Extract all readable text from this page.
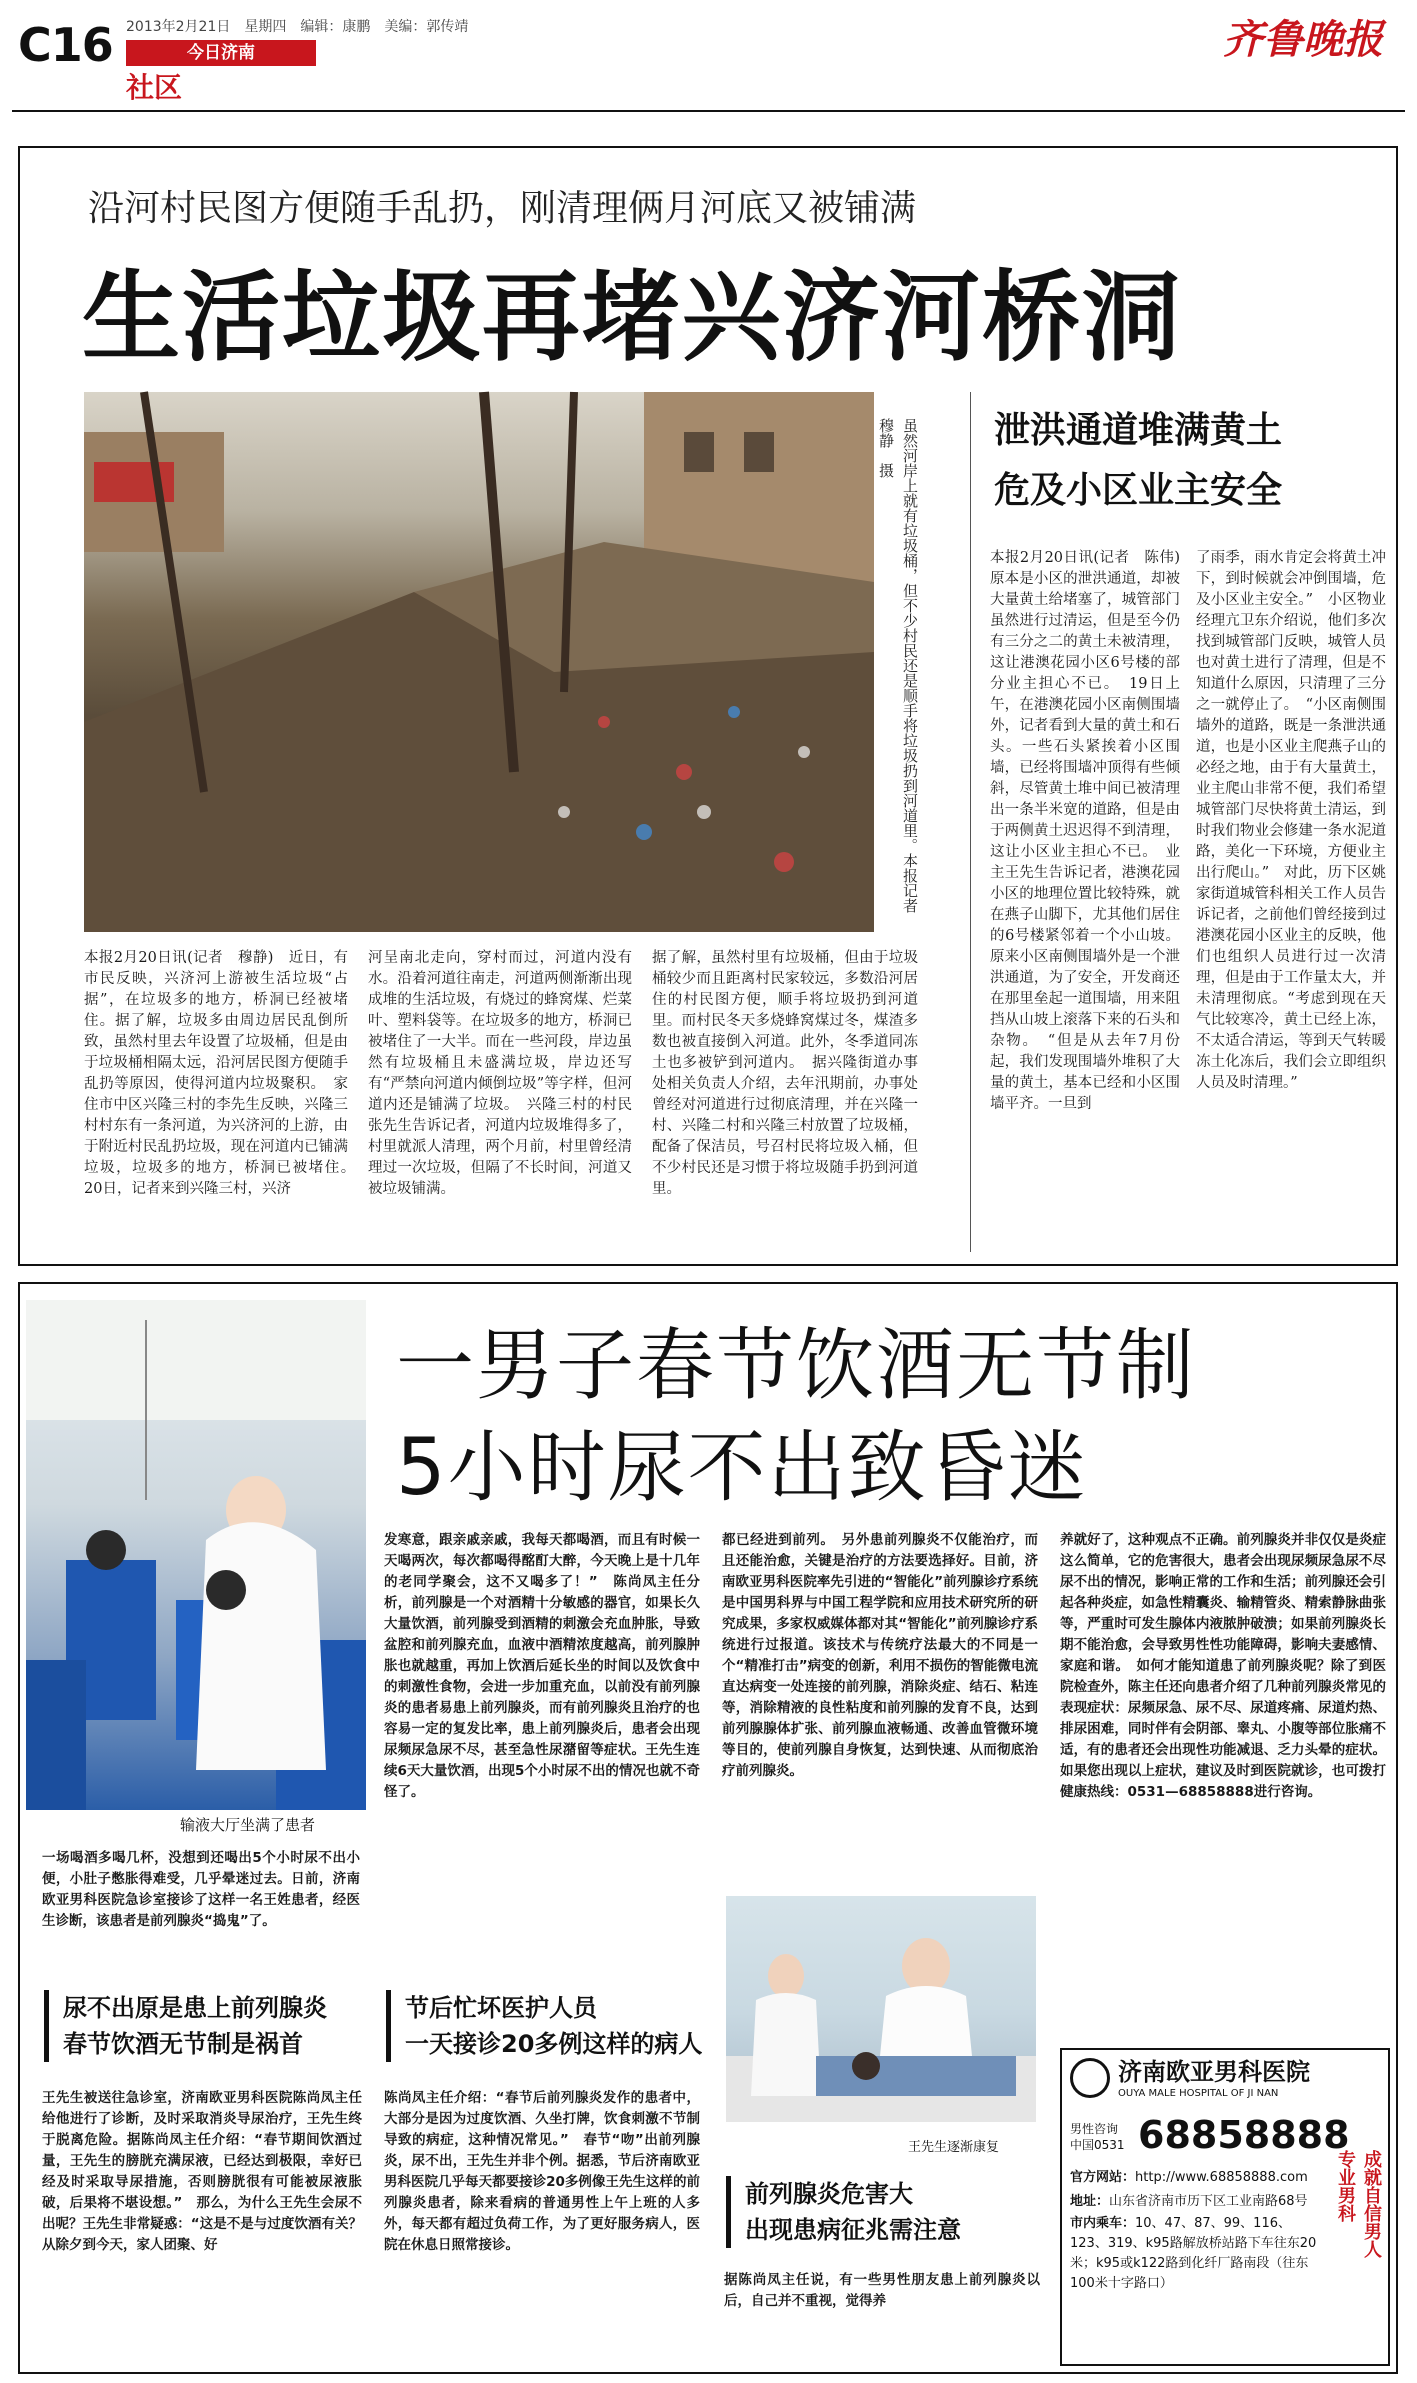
C16 2013年2月21日　星期四　编辑：康鹏　美编：郭传靖
今日济南
社区
齐鲁晚报
沿河村民图方便随手乱扔，刚清理俩月河底又被铺满
生活垃圾再堵兴济河桥洞
虽然河岸上就有垃圾桶，但不少村民还是顺手将垃圾扔到河道里。本报记者　穆静　摄
本报2月20日讯(记者　穆静)　近日，有市民反映，兴济河上游被生活垃圾“占据”，在垃圾多的地方，桥洞已经被堵住。据了解，垃圾多由周边居民乱倒所致，虽然村里去年设置了垃圾桶，但是由于垃圾桶相隔太远，沿河居民图方便随手乱扔等原因，使得河道内垃圾聚积。　家住市中区兴隆三村的李先生反映，兴隆三村村东有一条河道，为兴济河的上游，由于附近村民乱扔垃圾，现在河道内已铺满垃圾，垃圾多的地方，桥洞已被堵住。　20日，记者来到兴隆三村，兴济
河呈南北走向，穿村而过，河道内没有水。沿着河道往南走，河道两侧渐渐出现成堆的生活垃圾，有烧过的蜂窝煤、烂菜叶、塑料袋等。在垃圾多的地方，桥洞已被堵住了一大半。而在一些河段，岸边虽然有垃圾桶且未盛满垃圾，岸边还写有“严禁向河道内倾倒垃圾”等字样，但河道内还是铺满了垃圾。　兴隆三村的村民张先生告诉记者，河道内垃圾堆得多了，村里就派人清理，两个月前，村里曾经清理过一次垃圾，但隔了不长时间，河道又被垃圾铺满。
据了解，虽然村里有垃圾桶，但由于垃圾桶较少而且距离村民家较远，多数沿河居住的村民图方便，顺手将垃圾扔到河道里。而村民冬天多烧蜂窝煤过冬，煤渣多数也被直接倒入河道。此外，冬季道同冻土也多被铲到河道内。　据兴隆街道办事处相关负责人介绍，去年汛期前，办事处曾经对河道进行过彻底清理，并在兴隆一村、兴隆二村和兴隆三村放置了垃圾桶，配备了保洁员，号召村民将垃圾入桶，但不少村民还是习惯于将垃圾随手扔到河道里。
泄洪通道堆满黄土
危及小区业主安全
本报2月20日讯(记者　陈伟)　原本是小区的泄洪通道，却被大量黄土给堵塞了，城管部门虽然进行过清运，但是至今仍有三分之二的黄土未被清理，这让港澳花园小区6号楼的部分业主担心不已。　19日上午，在港澳花园小区南侧围墙外，记者看到大量的黄土和石头。一些石头紧挨着小区围墙，已经将围墙冲顶得有些倾斜，尽管黄土堆中间已被清理出一条半米宽的道路，但是由于两侧黄土迟迟得不到清理，这让小区业主担心不已。　业主王先生告诉记者，港澳花园小区的地理位置比较特殊，就在燕子山脚下，尤其他们居住的6号楼紧邻着一个小山坡。原来小区南侧围墙外是一个泄洪通道，为了安全，开发商还在那里垒起一道围墙，用来阻挡从山坡上滚落下来的石头和杂物。　“但是从去年7月份起，我们发现围墙外堆积了大量的黄土，基本已经和小区围墙平齐。一旦到
了雨季，雨水肯定会将黄土冲下，到时候就会冲倒围墙，危及小区业主安全。”　小区物业经理亢卫东介绍说，他们多次找到城管部门反映，城管人员也对黄土进行了清理，但是不知道什么原因，只清理了三分之一就停止了。　“小区南侧围墙外的道路，既是一条泄洪通道，也是小区业主爬燕子山的必经之地，由于有大量黄土，业主爬山非常不便，我们希望城管部门尽快将黄土清运，到时我们物业会修建一条水泥道路，美化一下环境，方便业主出行爬山。”　对此，历下区姚家街道城管科相关工作人员告诉记者，之前他们曾经接到过港澳花园小区业主的反映，他们也组织人员进行过一次清理，但是由于工作量太大，并未清理彻底。“考虑到现在天气比较寒冷，黄土已经上冻，不太适合清运，等到天气转暖冻土化冻后，我们会立即组织人员及时清理。”
输液大厅坐满了患者
一男子春节饮酒无节制
5小时尿不出致昏迷
一场喝酒多喝几杯，没想到还喝出5个小时尿不出小便，小肚子憋胀得难受，几乎晕迷过去。日前，济南欧亚男科医院急诊室接诊了这样一名王姓患者，经医生诊断，该患者是前列腺炎“捣鬼”了。
发寒意，跟亲戚亲戚，我每天都喝酒，而且有时候一天喝两次，每次都喝得酩酊大醉，今天晚上是十几年的老同学聚会，这不又喝多了！”　陈尚凤主任分析，前列腺是一个对酒精十分敏感的器官，如果长久大量饮酒，前列腺受到酒精的刺激会充血肿胀，导致盆腔和前列腺充血，血液中酒精浓度越高，前列腺肿胀也就越重，再加上饮酒后延长坐的时间以及饮食中的刺激性食物，会进一步加重充血，以前没有前列腺炎的患者易患上前列腺炎，而有前列腺炎且治疗的也容易一定的复发比率，患上前列腺炎后，患者会出现尿频尿急尿不尽，甚至急性尿潴留等症状。王先生连续6天大量饮酒，出现5个小时尿不出的情况也就不奇怪了。
都已经进到前列。　另外患前列腺炎不仅能治疗，而且还能治愈，关键是治疗的方法要选择好。目前，济南欧亚男科医院率先引进的“智能化”前列腺诊疗系统是中国男科界与中国工程学院和应用技术研究所的研究成果，多家权威媒体都对其“智能化”前列腺诊疗系统进行过报道。该技术与传统疗法最大的不同是一个“精准打击”病变的创新，利用不损伤的智能微电流直达病变一处连接的前列腺，消除炎症、结石、粘连等，消除精液的良性粘度和前列腺的发育不良，达到前列腺腺体扩张、前列腺血液畅通、改善血管微环境等目的，使前列腺自身恢复，达到快速、从而彻底治疗前列腺炎。
养就好了，这种观点不正确。前列腺炎并非仅仅是炎症这么简单，它的危害很大，患者会出现尿频尿急尿不尽尿不出的情况，影响正常的工作和生活；前列腺还会引起各种炎症，如急性精囊炎、输精管炎、精索静脉曲张等，严重时可发生腺体内液脓肿破溃；如果前列腺炎长期不能治愈，会导致男性性功能障碍，影响夫妻感情、家庭和谐。　如何才能知道患了前列腺炎呢？除了到医院检查外，陈主任还向患者介绍了几种前列腺炎常见的表现症状：尿频尿急、尿不尽、尿道疼痛、尿道灼热、排尿困难，同时伴有会阴部、睾丸、小腹等部位胀痛不适，有的患者还会出现性功能减退、乏力头晕的症状。如果您出现以上症状，建议及时到医院就诊，也可拨打健康热线：0531—68858888进行咨询。
王先生逐渐康复
尿不出原是患上前列腺炎
春节饮酒无节制是祸首
王先生被送往急诊室，济南欧亚男科医院陈尚凤主任给他进行了诊断，及时采取消炎导尿治疗，王先生终于脱离危险。据陈尚凤主任介绍：“春节期间饮酒过量，王先生的膀胱充满尿液，已经达到极限，幸好已经及时采取导尿措施，否则膀胱很有可能被尿液胀破，后果将不堪设想。”　那么，为什么王先生会尿不出呢？王先生非常疑惑：“这是不是与过度饮酒有关？从除夕到今天，家人团聚、好
节后忙坏医护人员
一天接诊20多例这样的病人
陈尚凤主任介绍：“春节后前列腺炎发作的患者中，大部分是因为过度饮酒、久坐打牌，饮食刺激不节制导致的病症，这种情况常见。”　春节“吻”出前列腺炎，尿不出，王先生并非个例。据悉，节后济南欧亚男科医院几乎每天都要接诊20多例像王先生这样的前列腺炎患者，除来看病的普通男性上午上班的人多外，每天都有超过负荷工作，为了更好服务病人，医院在休息日照常接诊。
前列腺炎危害大
出现患病征兆需注意
据陈尚凤主任说，有一些男性朋友患上前列腺炎以后，自己并不重视，觉得养
济南欧亚男科医院
OUYA MALE HOSPITAL OF JI NAN
男性咨询
中国0531 68858888
官方网站：http://www.68858888.com
地址：山东省济南市历下区工业南路68号
市内乘车：10、47、87、99、116、123、319、k95路解放桥站路下车往东20米；k95或k122路到化纤厂路南段（往东100米十字路口）
专业男科 成就自信男人
